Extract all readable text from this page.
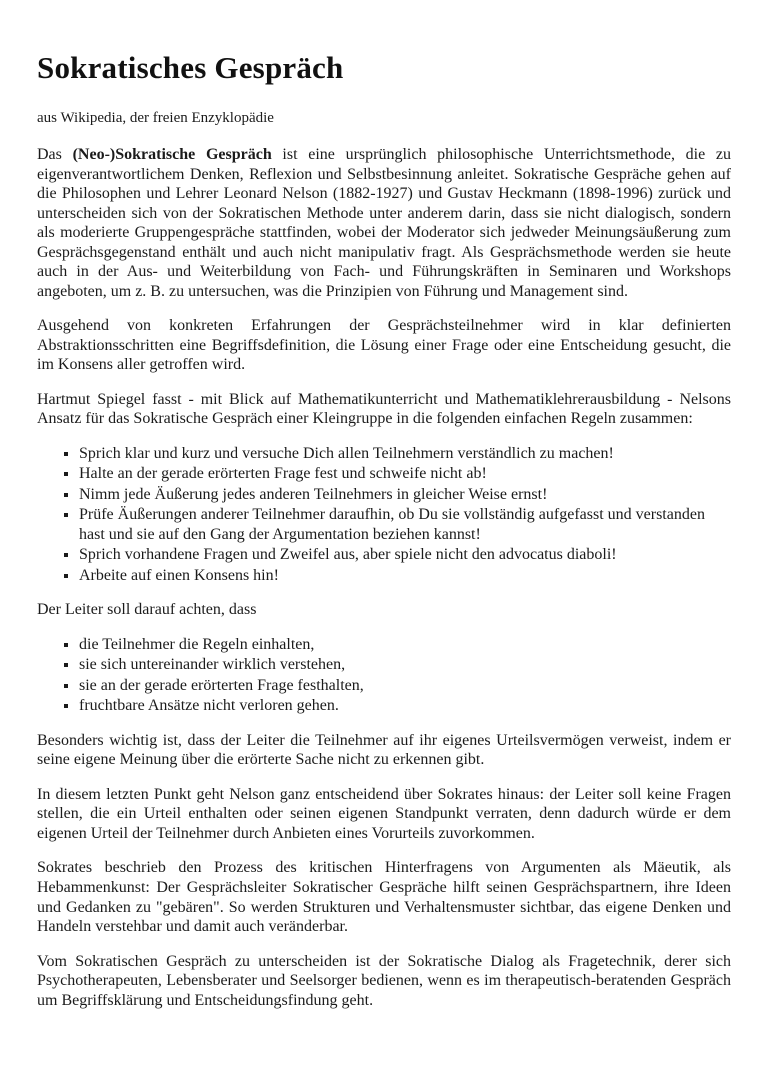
Sokratisches Gespräch

aus Wikipedia, der freien Enzyklopädie

Das (Neo-)Sokratische Gespräch ist eine ursprünglich philosophische Unterrichtsmethode, die zu eigenverantwortlichem Denken, Reflexion und Selbstbesinnung anleitet. Sokratische Gespräche gehen auf die Philosophen und Lehrer Leonard Nelson (1882-1927) und Gustav Heckmann (1898-1996) zurück und unterscheiden sich von der Sokratischen Methode unter anderem darin, dass sie nicht dialogisch, sondern als moderierte Gruppengespräche stattfinden, wobei der Moderator sich jedweder Meinungsäußerung zum Gesprächsgegenstand enthält und auch nicht manipulativ fragt. Als Gesprächsmethode werden sie heute auch in der Aus- und Weiterbildung von Fach- und Führungskräften in Seminaren und Workshops angeboten, um z. B. zu untersuchen, was die Prinzipien von Führung und Management sind.

Ausgehend von konkreten Erfahrungen der Gesprächsteilnehmer wird in klar definierten Abstraktionsschritten eine Begriffsdefinition, die Lösung einer Frage oder eine Entscheidung gesucht, die im Konsens aller getroffen wird.

Hartmut Spiegel fasst - mit Blick auf Mathematikunterricht und Mathematiklehrerausbildung - Nelsons Ansatz für das Sokratische Gespräch einer Kleingruppe in die folgenden einfachen Regeln zusammen:

▪ Sprich klar und kurz und versuche Dich allen Teilnehmern verständlich zu machen!
▪ Halte an der gerade erörterten Frage fest und schweife nicht ab!
▪ Nimm jede Äußerung jedes anderen Teilnehmers in gleicher Weise ernst!
▪ Prüfe Äußerungen anderer Teilnehmer daraufhin, ob Du sie vollständig aufgefasst und verstanden hast und sie auf den Gang der Argumentation beziehen kannst!
▪ Sprich vorhandene Fragen und Zweifel aus, aber spiele nicht den advocatus diaboli!
▪ Arbeite auf einen Konsens hin!

Der Leiter soll darauf achten, dass

▪ die Teilnehmer die Regeln einhalten,
▪ sie sich untereinander wirklich verstehen,
▪ sie an der gerade erörterten Frage festhalten,
▪ fruchtbare Ansätze nicht verloren gehen.

Besonders wichtig ist, dass der Leiter die Teilnehmer auf ihr eigenes Urteilsvermögen verweist, indem er seine eigene Meinung über die erörterte Sache nicht zu erkennen gibt.

In diesem letzten Punkt geht Nelson ganz entscheidend über Sokrates hinaus: der Leiter soll keine Fragen stellen, die ein Urteil enthalten oder seinen eigenen Standpunkt verraten, denn dadurch würde er dem eigenen Urteil der Teilnehmer durch Anbieten eines Vorurteils zuvorkommen.

Sokrates beschrieb den Prozess des kritischen Hinterfragens von Argumenten als Mäeutik, als Hebammenkunst: Der Gesprächsleiter Sokratischer Gespräche hilft seinen Gesprächspartnern, ihre Ideen und Gedanken zu "gebären". So werden Strukturen und Verhaltensmuster sichtbar, das eigene Denken und Handeln verstehbar und damit auch veränderbar.

Vom Sokratischen Gespräch zu unterscheiden ist der Sokratische Dialog als Fragetechnik, derer sich Psychotherapeuten, Lebensberater und Seelsorger bedienen, wenn es im therapeutisch-beratenden Gespräch um Begriffsklärung und Entscheidungsfindung geht.
